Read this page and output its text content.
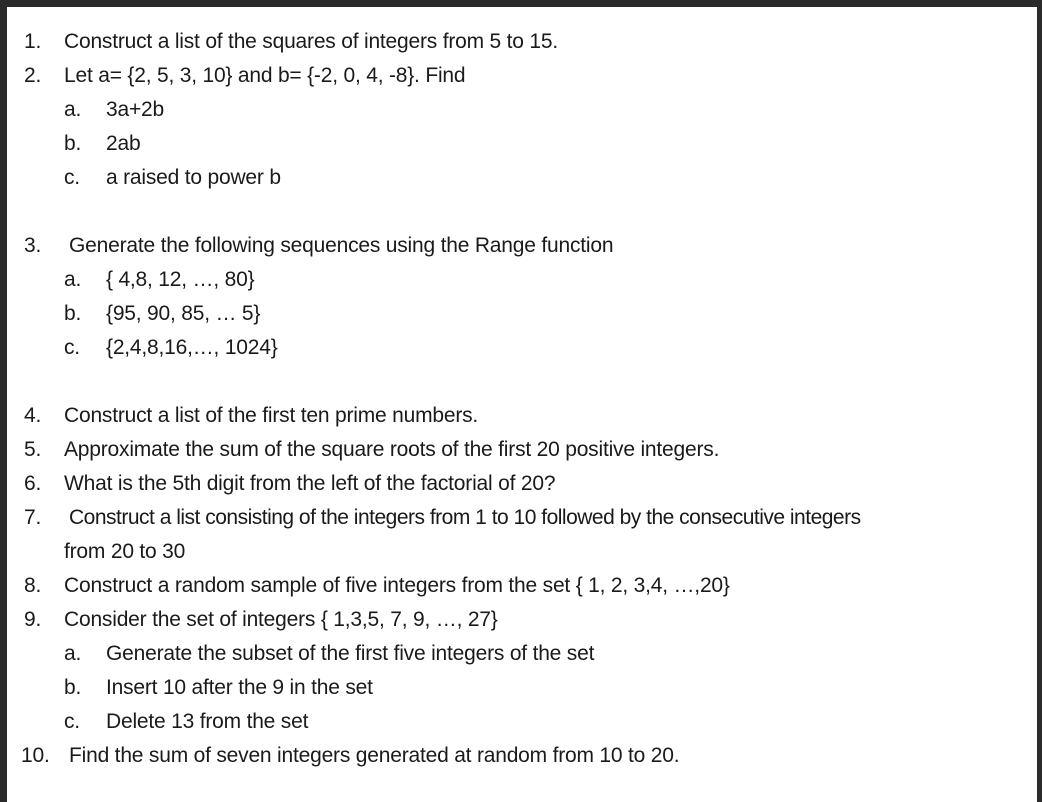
1. Construct a list of the squares of integers from 5 to 15.
2. Let a= {2, 5, 3, 10} and b= {-2, 0, 4, -8}. Find
a. 3a+2b
b. 2ab
c. a raised to power b
3. Generate the following sequences using the Range function
a. { 4,8, 12, …, 80}
b. {95, 90, 85, … 5}
c. {2,4,8,16,…, 1024}
4. Construct a list of the first ten prime numbers.
5. Approximate the sum of the square roots of the first 20 positive integers.
6. What is the 5th digit from the left of the factorial of 20?
7. Construct a list consisting of the integers from 1 to 10 followed by the consecutive integers
from 20 to 30
8. Construct a random sample of five integers from the set { 1, 2, 3,4, …,20}
9. Consider the set of integers { 1,3,5, 7, 9, …, 27}
a. Generate the subset of the first five integers of the set
b. Insert 10 after the 9 in the set
c. Delete 13 from the set
10. Find the sum of seven integers generated at random from 10 to 20.
